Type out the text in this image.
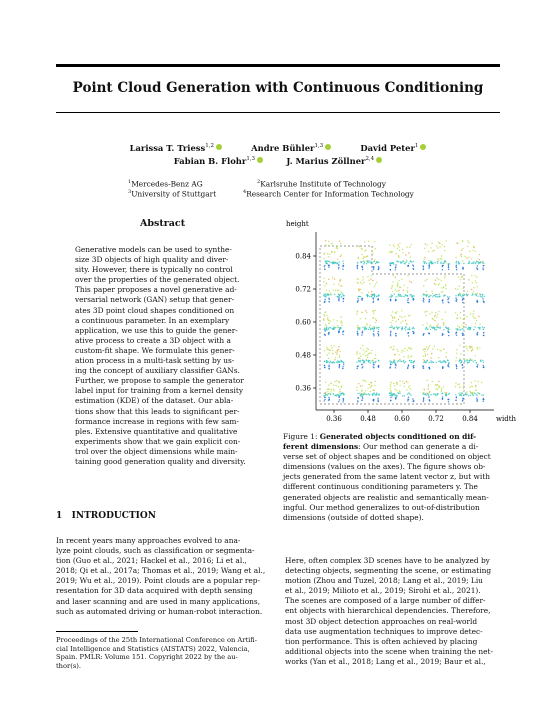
Point Cloud Generation with Continuous Conditioning
Larissa T. Triess$^{1,2}$	Andre Bühler$^{1,3}$	David Peter$^1$
Fabian B. Flohr$^{1,3}$	J. Marius Zöllner$^{2,4}$
$^1$Mercedes-Benz AG	$^2$Karlsruhe Institute of Technology
$^3$University of Stuttgart	$^4$Research Center for Information Technology
Abstract
Generative models can be used to synthe-
size 3D objects of high quality and diver-
sity. However, there is typically no control
over the properties of the generated object.
This paper proposes a novel generative ad-
versarial network (GAN) setup that gener-
ates 3D point cloud shapes conditioned on
a continuous parameter. In an exemplary
application, we use this to guide the gener-
ative process to create a 3D object with a
custom-fit shape. We formulate this gener-
ation process in a multi-task setting by us-
ing the concept of auxiliary classifier GANs.
Further, we propose to sample the generator
label input for training from a kernel density
estimation (KDE) of the dataset. Our abla-
tions show that this leads to significant per-
formance increase in regions with few sam-
ples. Extensive quantitative and qualitative
experiments show that we gain explicit con-
trol over the object dimensions while main-
taining good generation quality and diversity.
1 INTRODUCTION
In recent years many approaches evolved to ana-
lyze point clouds, such as classification or segmenta-
tion (Guo et al., 2021; Hackel et al., 2016; Li et al.,
2018; Qi et al., 2017a; Thomas et al., 2019; Wang et al.,
2019; Wu et al., 2019). Point clouds are a popular rep-
resentation for 3D data acquired with depth sensing
and laser scanning and are used in many applications,
such as automated driving or human-robot interaction.
Proceedings of the 25th International Conference on Artifi-
cial Intelligence and Statistics (AISTATS) 2022, Valencia,
Spain. PMLR: Volume 151. Copyright 2022 by the au-
thor(s).
height
0.84
0.72
0.60
0.48
0.36
0.36	0.48	0.60	0.72	0.84	width
Figure 1: Generated objects conditioned on dif-
ferent dimensions: Our method can generate a di-
verse set of object shapes and be conditioned on object
dimensions (values on the axes). The figure shows ob-
jects generated from the same latent vector z, but with
different continuous conditioning parameters y. The
generated objects are realistic and semantically mean-
ingful. Our method generalizes to out-of-distribution
dimensions (outside of dotted shape).
Here, often complex 3D scenes have to be analyzed by
detecting objects, segmenting the scene, or estimating
motion (Zhou and Tuzel, 2018; Lang et al., 2019; Liu
et al., 2019; Milioto et al., 2019; Sirohi et al., 2021).
The scenes are composed of a large number of differ-
ent objects with hierarchical dependencies. Therefore,
most 3D object detection approaches on real-world
data use augmentation techniques to improve detec-
tion performance. This is often achieved by placing
additional objects into the scene when training the net-
works (Yan et al., 2018; Lang et al., 2019; Baur et al.,
